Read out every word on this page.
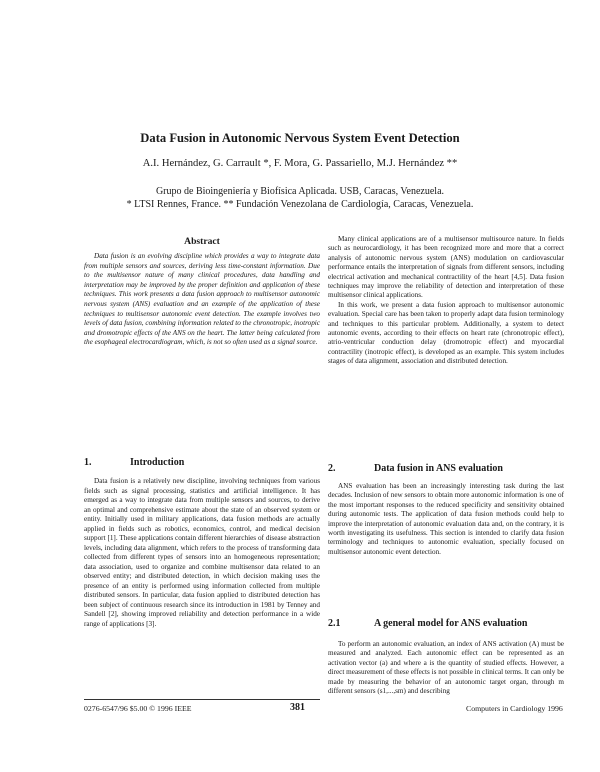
Data Fusion in Autonomic Nervous System Event Detection
A.I. Hernández, G. Carrault *, F. Mora, G. Passariello, M.J. Hernández **
Grupo de Bioingeniería y Biofísica Aplicada. USB, Caracas, Venezuela.
* LTSI Rennes, France. ** Fundación Venezolana de Cardiología, Caracas, Venezuela.
Abstract
Data fusion is an evolving discipline which provides a way to integrate data from multiple sensors and sources, deriving less time-constant information. Due to the multisensor nature of many clinical procedures, data handling and interpretation may be improved by the proper definition and application of these techniques. This work presents a data fusion approach to multisensor autonomic nervous system (ANS) evaluation and an example of the application of these techniques to multisensor autonomic event detection. The example involves two levels of data fusion, combining information related to the chronotropic, inotropic and dromotropic effects of the ANS on the heart. The latter being calculated from the esophageal electrocardiogram, which, is not so often used as a signal source.
1.	Introduction
Data fusion is a relatively new discipline, involving techniques from various fields such as signal processing, statistics and artificial intelligence. It has emerged as a way to integrate data from multiple sensors and sources, to derive an optimal and comprehensive estimate about the state of an observed system or entity. Initially used in military applications, data fusion methods are actually applied in fields such as robotics, economics, control, and medical decision support [1]. These applications contain different hierarchies of disease abstraction levels, including data alignment, which refers to the process of transforming data collected from different types of sensors into an homogeneous representation; data association, used to organize and combine multisensor data related to an observed entity; and distributed detection, in which decision making uses the presence of an entity is performed using information collected from multiple distributed sensors. In particular, data fusion applied to distributed detection has been subject of continuous research since its introduction in 1981 by Tenney and Sandell [2], showing improved reliability and detection performance in a wide range of applications [3].

Many clinical applications are of a multisensor multisource nature. In fields such as neurocardiology, it has been recognized more and more that a correct analysis of autonomic nervous system (ANS) modulation on cardiovascular performance entails the interpretation of signals from different sensors, including electrical activation and mechanical contractility of the heart [4,5]. Data fusion techniques may improve the reliability of detection and interpretation of these multisensor clinical applications.

In this work, we present a data fusion approach to multisensor autonomic evaluation. Special care has been taken to properly adapt data fusion terminology and techniques to this particular problem. Additionally, a system to detect autonomic events, according to their effects on heart rate (chronotropic effect), atrio-ventricular conduction delay (dromotropic effect) and myocardial contractility (inotropic effect), is developed as an example. This system includes stages of data alignment, association and distributed detection.

2.	Data fusion in ANS evaluation
ANS evaluation has been an increasingly interesting task during the last decades. Inclusion of new sensors to obtain more autonomic information is one of the most important responses to the reduced specificity and sensitivity obtained during autonomic tests. The application of data fusion methods could help to improve the interpretation of autonomic evaluation data and, on the contrary, it is worth investigating its usefulness. This section is intended to clarify data fusion terminology and techniques to autonomic evaluation, specially focused on multisensor autonomic event detection.
2.1	A general model for ANS evaluation
To perform an autonomic evaluation, an index of ANS activation (A) must be measured and analyzed. Each autonomic effect can be represented as an activation vector (a) and where a is the quantity of studied effects. However, a direct measurement of these effects is not possible in clinical terms. It can only be made by measuring the behavior of an autonomic target organ, through m different sensors (s1,...,sm) and describing
0276-6547/96 $5.00 © 1996 IEEE	381	Computers in Cardiology 1996
